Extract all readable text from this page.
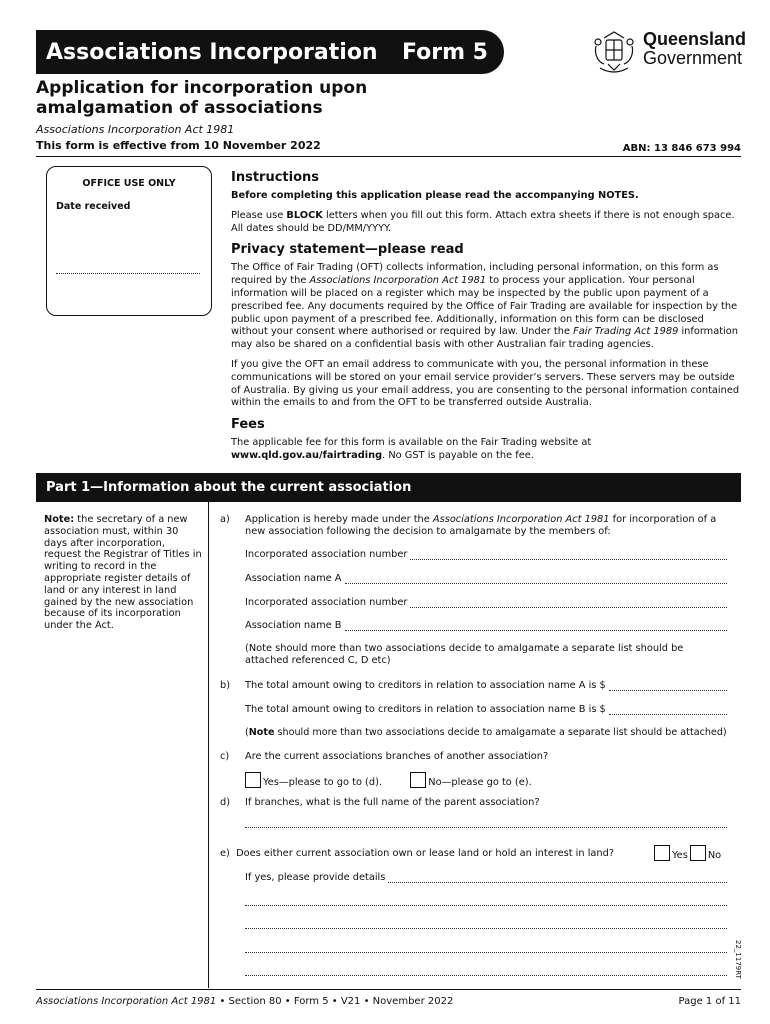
Associations Incorporation Form 5
Queensland
Government
Application for incorporation upon amalgamation of associations
Associations Incorporation Act 1981
This form is effective from 10 November 2022	ABN: 13 846 673 994
OFFICE USE ONLY
Date received
Instructions

Before completing this application please read the accompanying NOTES.

Please use BLOCK letters when you fill out this form. Attach extra sheets if there is not enough space. All dates should be DD/MM/YYYY.

Privacy statement—please read

The Office of Fair Trading (OFT) collects information, including personal information, on this form as required by the Associations Incorporation Act 1981 to process your application. Your personal information will be placed on a register which may be inspected by the public upon payment of a prescribed fee. Any documents required by the Office of Fair Trading are available for inspection by the public upon payment of a prescribed fee. Additionally, information on this form can be disclosed without your consent where authorised or required by law. Under the Fair Trading Act 1989 information may also be shared on a confidential basis with other Australian fair trading agencies.

If you give the OFT an email address to communicate with you, the personal information in these communications will be stored on your email service provider’s servers. These servers may be outside of Australia. By giving us your email address, you are consenting to the personal information contained within the emails to and from the OFT to be transferred outside Australia.

Fees

The applicable fee for this form is available on the Fair Trading website at www.qld.gov.au/fairtrading. No GST is payable on the fee.

Part 1—Information about the current association
Note: the secretary of a new association must, within 30 days after incorporation, request the Registrar of Titles in writing to record in the appropriate register details of land or any interest in land gained by the new association because of its incorporation under the Act.
a) Application is hereby made under the Associations Incorporation Act 1981 for incorporation of a new association following the decision to amalgamate by the members of:
Incorporated association number
Association name A
Incorporated association number
Association name B
(Note should more than two associations decide to amalgamate a separate list should be attached referenced C, D etc)
b) The total amount owing to creditors in relation to association name A is $
The total amount owing to creditors in relation to association name B is $
(Note should more than two associations decide to amalgamate a separate list should be attached)
c) Are the current associations branches of another association?
Yes—please to go to (d).	No—please go to (e).
d) If branches, what is the full name of the parent association?
e) Does either current association own or lease land or hold an interest in land?	Yes No
If yes, please provide details
22_1179RT
Associations Incorporation Act 1981 • Section 80 • Form 5 • V21 • November 2022	Page 1 of 11
